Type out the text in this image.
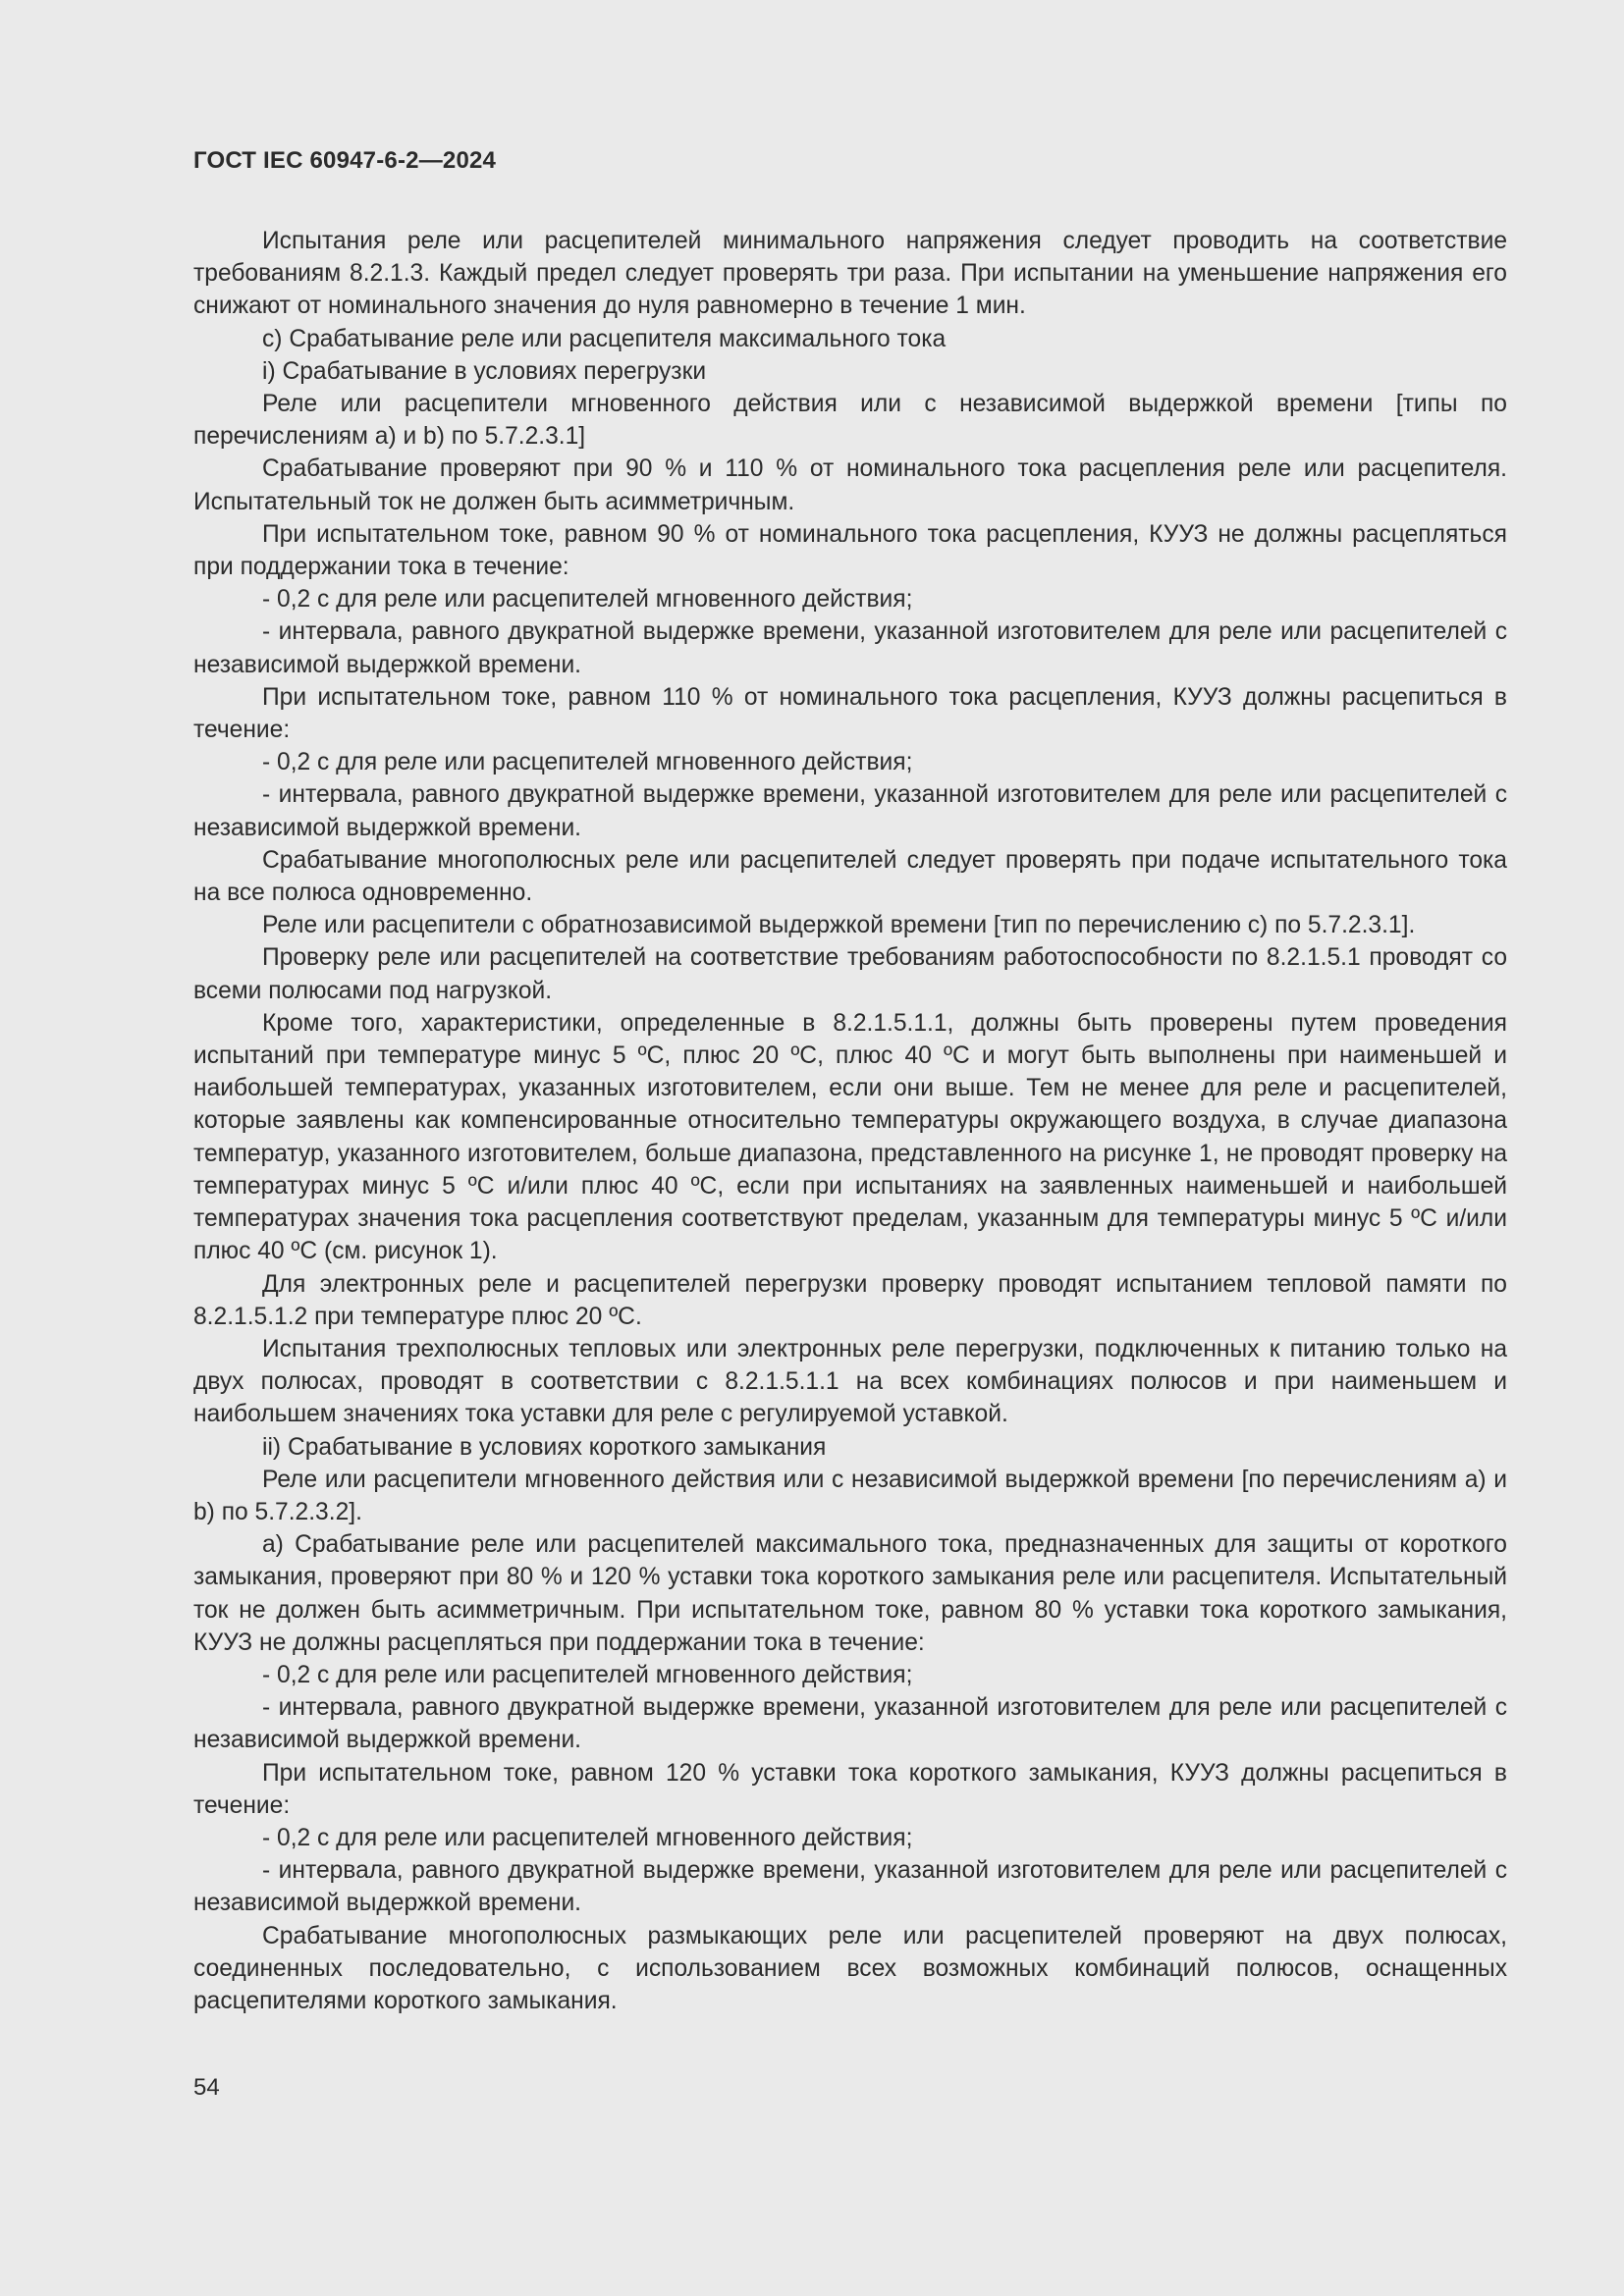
ГОСТ IEC 60947-6-2—2024

Испытания реле или расцепителей минимального напряжения следует проводить на соответствие требованиям 8.2.1.3. Каждый предел следует проверять три раза. При испытании на уменьшение напряжения его снижают от номинального значения до нуля равномерно в течение 1 мин.

c) Срабатывание реле или расцепителя максимального тока

i) Срабатывание в условиях перегрузки

Реле или расцепители мгновенного действия или с независимой выдержкой времени [типы по перечислениям a) и b) по 5.7.2.3.1]

Срабатывание проверяют при 90 % и 110 % от номинального тока расцепления реле или расцепителя. Испытательный ток не должен быть асимметричным.

При испытательном токе, равном 90 % от номинального тока расцепления, КУУЗ не должны расцепляться при поддержании тока в течение:

- 0,2 с для реле или расцепителей мгновенного действия;

- интервала, равного двукратной выдержке времени, указанной изготовителем для реле или расцепителей с независимой выдержкой времени.

При испытательном токе, равном 110 % от номинального тока расцепления, КУУЗ должны расцепиться в течение:

- 0,2 с для реле или расцепителей мгновенного действия;

- интервала, равного двукратной выдержке времени, указанной изготовителем для реле или расцепителей с независимой выдержкой времени.

Срабатывание многополюсных реле или расцепителей следует проверять при подаче испытательного тока на все полюса одновременно.

Реле или расцепители с обратнозависимой выдержкой времени [тип по перечислению c) по 5.7.2.3.1].

Проверку реле или расцепителей на соответствие требованиям работоспособности по 8.2.1.5.1 проводят со всеми полюсами под нагрузкой.

Кроме того, характеристики, определенные в 8.2.1.5.1.1, должны быть проверены путем проведения испытаний при температуре минус 5 ºС, плюс 20 ºС, плюс 40 ºС и могут быть выполнены при наименьшей и наибольшей температурах, указанных изготовителем, если они выше. Тем не менее для реле и расцепителей, которые заявлены как компенсированные относительно температуры окружающего воздуха, в случае диапазона температур, указанного изготовителем, больше диапазона, представленного на рисунке 1, не проводят проверку на температурах минус 5 ºС и/или плюс 40 ºС, если при испытаниях на заявленных наименьшей и наибольшей температурах значения тока расцепления соответствуют пределам, указанным для температуры минус 5 ºС и/или плюс 40 ºС (см. рисунок 1).

Для электронных реле и расцепителей перегрузки проверку проводят испытанием тепловой памяти по 8.2.1.5.1.2 при температуре плюс 20 ºС.

Испытания трехполюсных тепловых или электронных реле перегрузки, подключенных к питанию только на двух полюсах, проводят в соответствии с 8.2.1.5.1.1 на всех комбинациях полюсов и при наименьшем и наибольшем значениях тока уставки для реле с регулируемой уставкой.

ii) Срабатывание в условиях короткого замыкания

Реле или расцепители мгновенного действия или с независимой выдержкой времени [по перечислениям a) и b) по 5.7.2.3.2].

a) Срабатывание реле или расцепителей максимального тока, предназначенных для защиты от короткого замыкания, проверяют при 80 % и 120 % уставки тока короткого замыкания реле или расцепителя. Испытательный ток не должен быть асимметричным. При испытательном токе, равном 80 % уставки тока короткого замыкания, КУУЗ не должны расцепляться при поддержании тока в течение:

- 0,2 с для реле или расцепителей мгновенного действия;

- интервала, равного двукратной выдержке времени, указанной изготовителем для реле или расцепителей с независимой выдержкой времени.

При испытательном токе, равном 120 % уставки тока короткого замыкания, КУУЗ должны расцепиться в течение:

- 0,2 с для реле или расцепителей мгновенного действия;

- интервала, равного двукратной выдержке времени, указанной изготовителем для реле или расцепителей с независимой выдержкой времени.

Срабатывание многополюсных размыкающих реле или расцепителей проверяют на двух полюсах, соединенных последовательно, с использованием всех возможных комбинаций полюсов, оснащенных расцепителями короткого замыкания.

54
